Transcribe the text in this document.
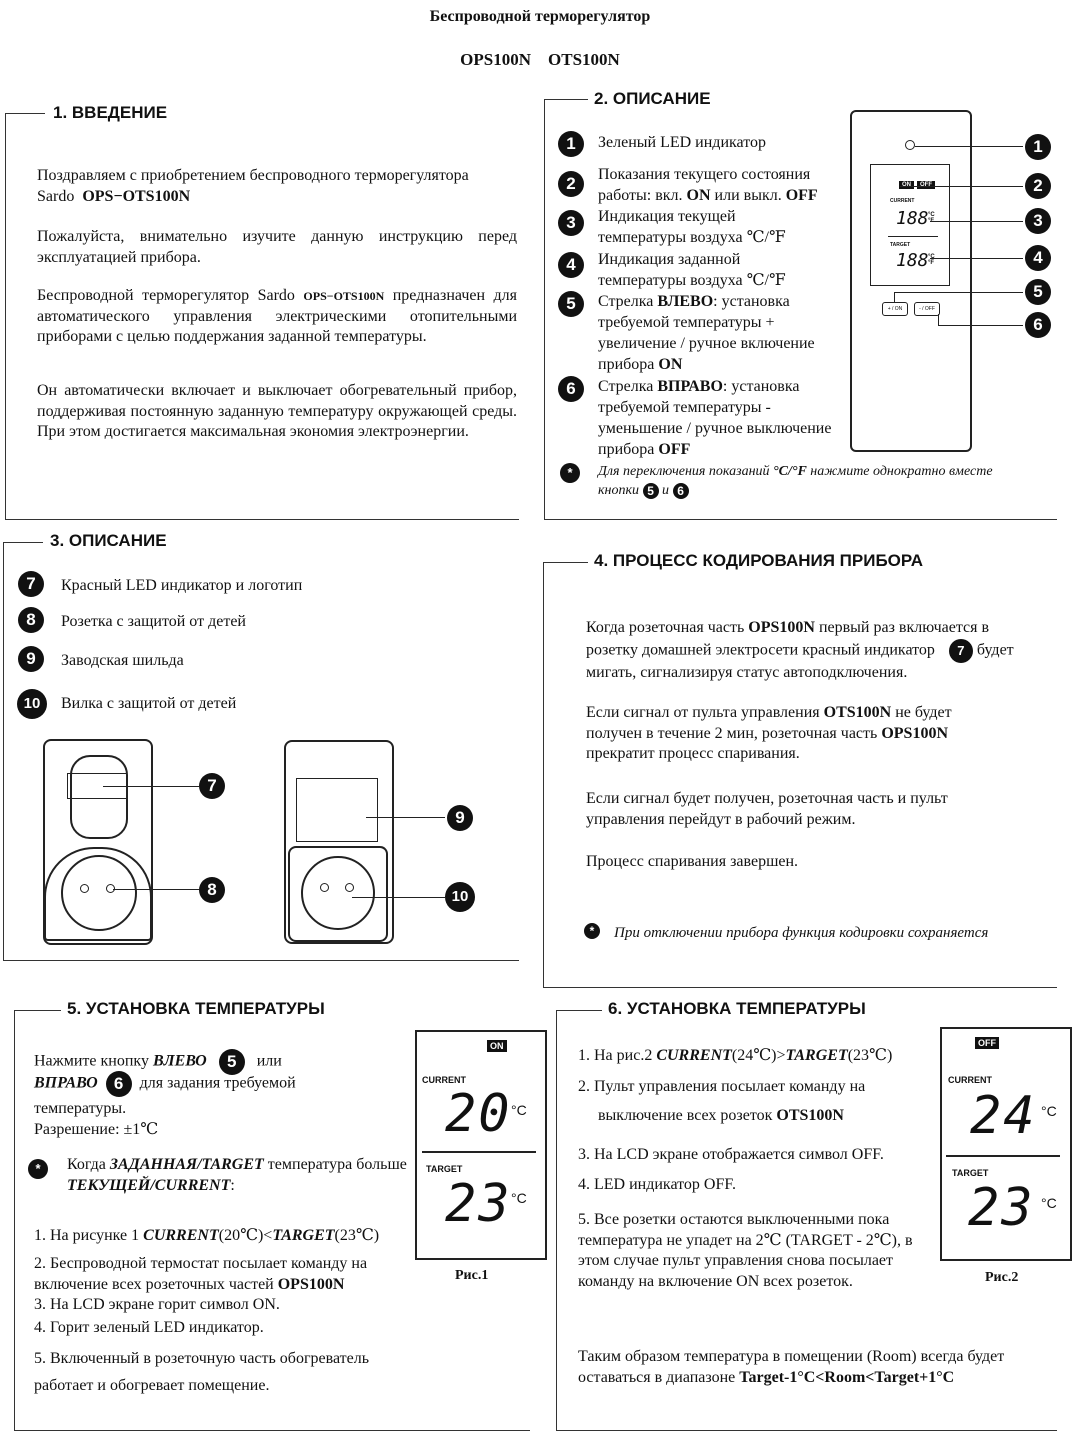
Беспроводной терморегулятор
OPS100N    OTS100N
1. ВВЕДЕНИЕ
Поздравляем с приобретением беспроводного терморегулятора
Sardo OPS−OTS100N
Пожалуйста, внимательно изучите данную инструкцию перед эксплуатацией прибора.
Беспроводной терморегулятор Sardo OPS−OTS100N предназначен для автоматического управления электрическими отопительными приборами с целью поддержания заданной температуры.
Он автоматически включает и выключает обогревательный прибор, поддерживая постоянную заданную температуру окружающей среды. При этом достигается максимальная экономия электроэнергии.
2. ОПИСАНИЕ
1	Зеленый LED индикатор
2	Показания текущего состояния работы: вкл. ON или выкл. OFF
3	Индикация текущей температуры воздуха ℃/℉
4	Индикация заданной температуры воздуха ℃/℉
5	Стрелка ВЛЕВО: установка требуемой температуры + увеличение / ручное включение прибора ON
6	Стрелка ВПРАВО: установка требуемой температуры - уменьшение / ручное выключение прибора OFF
*	Для переключения показаний °C/°F нажмите однократно вместе кнопки 5 и 6
ON	OFF
CURRENT
188 °C °F
TARGET
188 °C °F
+ / ON	- / OFF
1
2
3
4
5
6
3. ОПИСАНИЕ
7	Красный LED индикатор и логотип
8	Розетка с защитой от детей
9	Заводская шильда
10	Вилка с защитой от детей
7
8
9
10
4. ПРОЦЕСС КОДИРОВАНИЯ ПРИБОРА
Когда розеточная часть OPS100N первый раз включается в розетку домашней электросети красный индикатор 7 будет мигать, сигнализируя статус автоподключения.
Если сигнал от пульта управления OTS100N не будет получен в течение 2 мин, розеточная часть OPS100N прекратит процесс спаривания.
Если сигнал будет получен, розеточная часть и пульт управления перейдут в рабочий режим.
Процесс спаривания завершен.
*	При отключении прибора функция кодировки сохраняется
5. УСТАНОВКА ТЕМПЕРАТУРЫ
Нажмите кнопку ВЛЕВО 5 или
ВПРАВО 6 для задания требуемой
температуры.
Разрешение: ±1℃
*	Когда ЗАДАННАЯ/TARGET температура больше ТЕКУЩЕЙ/CURRENT:
1. На рисунке 1 CURRENT(20℃)<TARGET(23℃)
2. Беспроводной термостат посылает команду на включение всех розеточных частей OPS100N
3. На LCD экране горит символ ON.
4. Горит зеленый LED индикатор.
5. Включенный в розеточную часть обогреватель работает и обогревает помещение.
ON
CURRENT
20 °C
TARGET
23 °C
Рис.1
6. УСТАНОВКА ТЕМПЕРАТУРЫ
1. На рис.2 CURRENT(24℃)>TARGET(23℃)
2. Пульт управления посылает команду на
выключение всех розеток OTS100N
3. На LCD экране отображается символ OFF.
4. LED индикатор OFF.
5. Все розетки остаются выключенными пока температура не упадет на 2℃ (TARGET - 2℃), в этом случае пульт управления снова посылает команду на включение ON всех розеток.
Таким образом температура в помещении (Room) всегда будет оставаться в диапазоне Target-1°C<Room<Target+1°C
OFF
CURRENT
24 °C
TARGET
23 °C
Рис.2
